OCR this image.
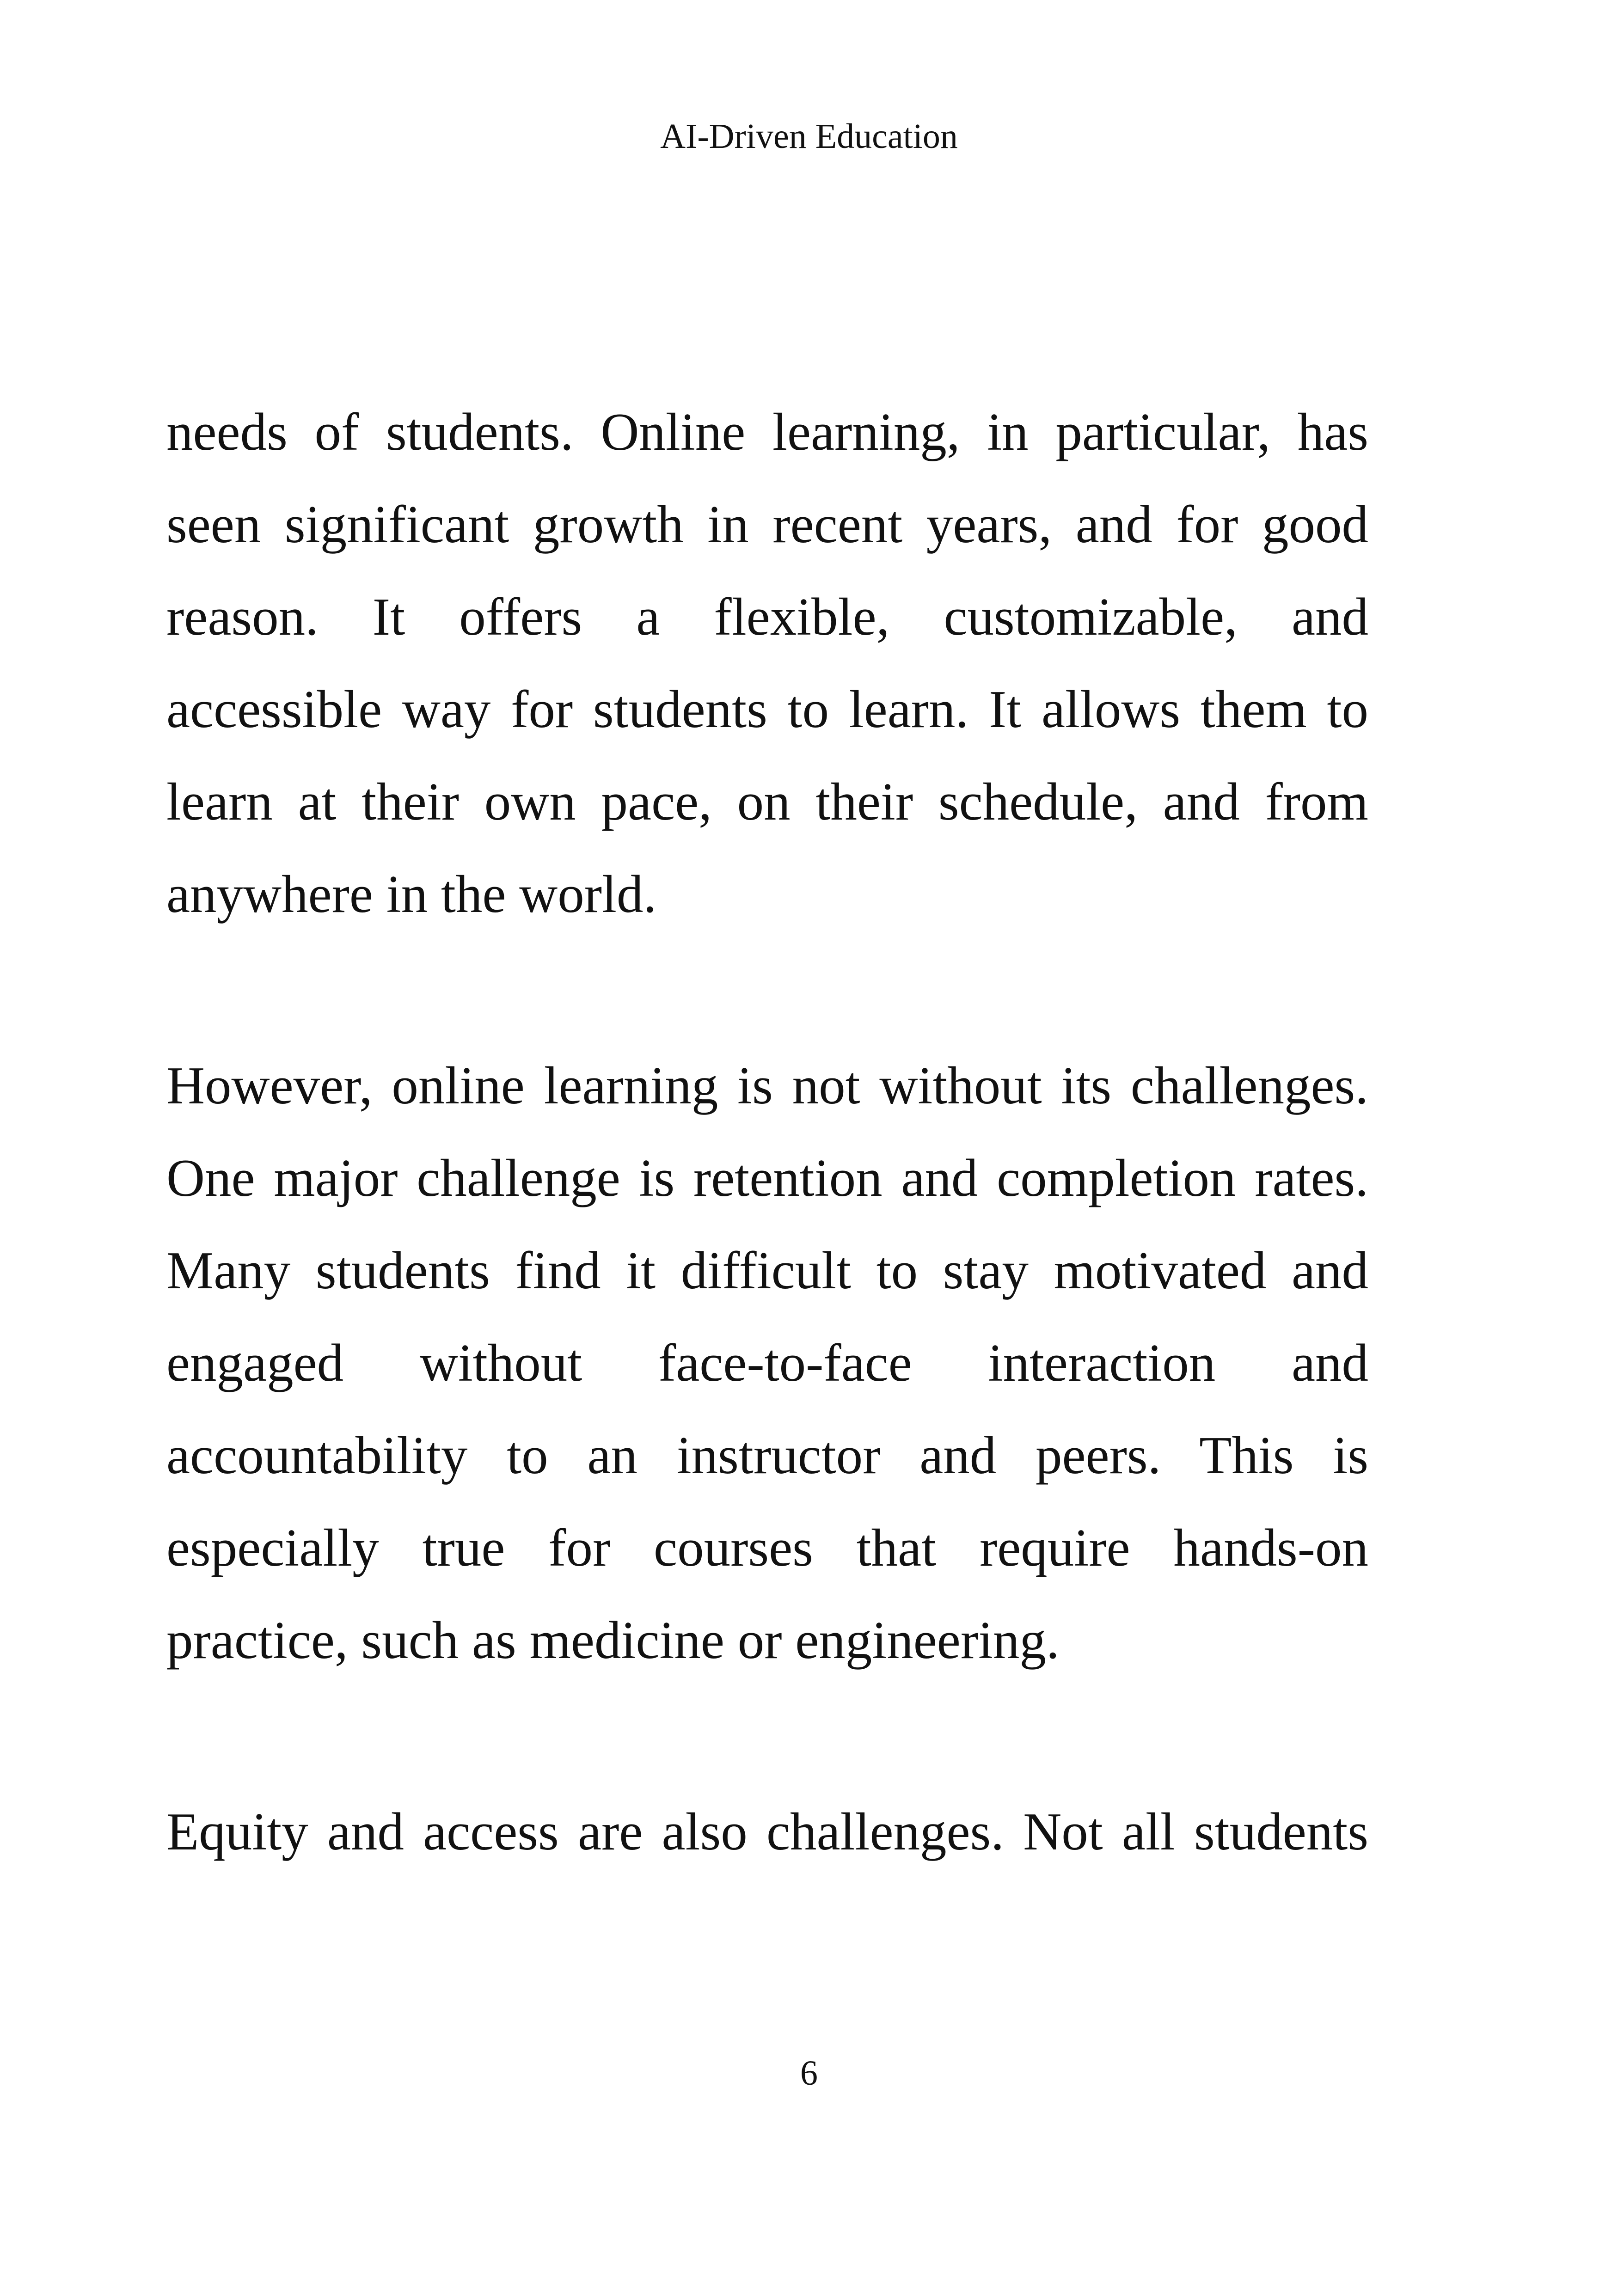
AI-Driven Education
needs of students. Online learning, in particular, has
seen significant growth in recent years, and for good
reason. It offers a flexible, customizable, and
accessible way for students to learn. It allows them to
learn at their own pace, on their schedule, and from
anywhere in the world.
However, online learning is not without its challenges.
One major challenge is retention and completion rates.
Many students find it difficult to stay motivated and
engaged without face-to-face interaction and
accountability to an instructor and peers. This is
especially true for courses that require hands-on
practice, such as medicine or engineering.
Equity and access are also challenges. Not all students
6
